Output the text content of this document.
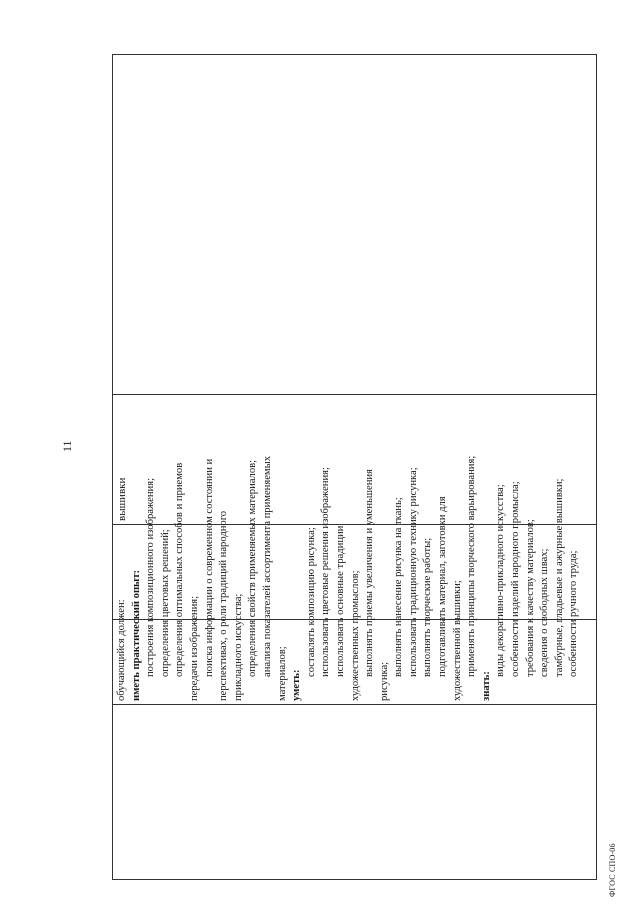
11
ФГОС СПО-06

обучающийся должен: иметь практический опыт: построения композиционного изображения; определения цветовых решений; определения оптимальных способов и приемов передачи изображения; поиска информации о современном состоянии и перспективах, о роли традиций народного прикладного искусства; определения свойств применяемых материалов; анализа показателей ассортимента применяемых материалов; уметь:
составлять композицию рисунка; использовать цветовые решения изображения; использовать основные традиции художественных промыслов; выполнять приемы увеличения и уменьшения
рисунка;
выполнять нанесение рисунка на ткань; использовать традиционную технику рисунка; выполнять творческие работы; подготавливать материал, заготовки для художественной вышивки; применять принципы творческого варьирования;
знать:
виды декоративно-прикладного искусства; особенности изделий народного промысла; требования к качеству материалов; сведения о свободных швах; тамбурные, гладьевые и ажурные вышивки; особенности ручного труда;

вышивки
